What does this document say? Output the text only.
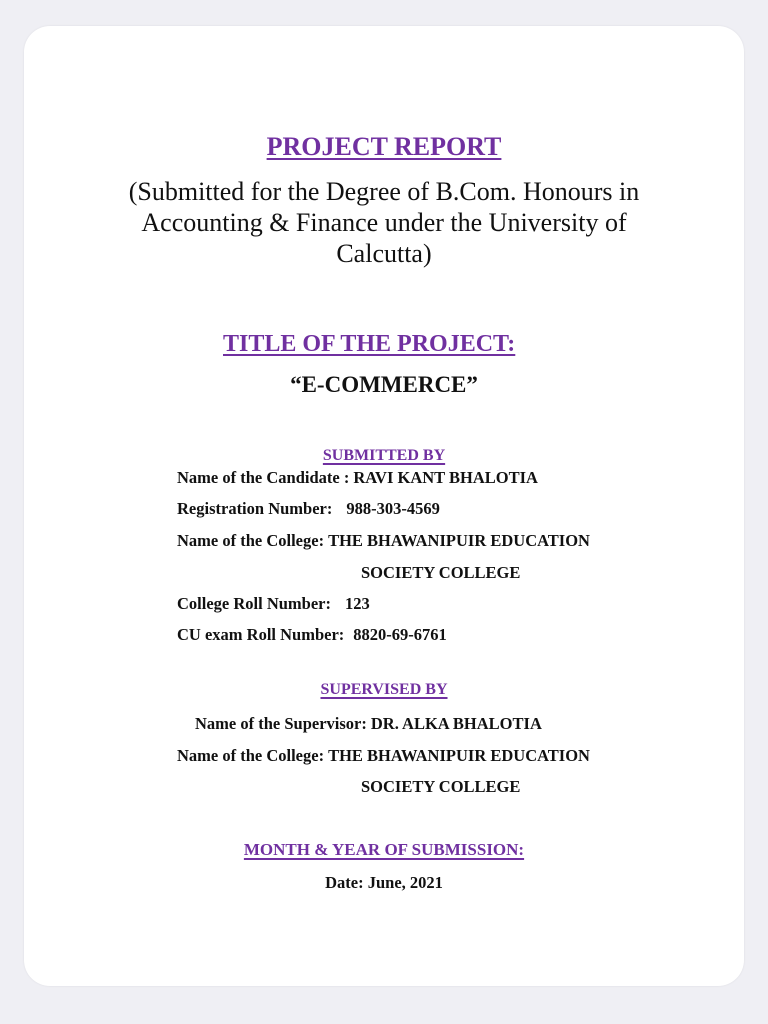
PROJECT REPORT
(Submitted for the Degree of B.Com. Honours in
Accounting & Finance under the University of
Calcutta)
TITLE OF THE PROJECT:
“E-COMMERCE”
SUBMITTED BY
Name of the Candidate : RAVI KANT BHALOTIA
Registration Number: 988-303-4569
Name of the College: THE BHAWANIPUIR EDUCATION
SOCIETY COLLEGE
College Roll Number: 123
CU exam Roll Number: 8820-69-6761
SUPERVISED BY
Name of the Supervisor: DR. ALKA BHALOTIA
Name of the College: THE BHAWANIPUIR EDUCATION
SOCIETY COLLEGE
MONTH & YEAR OF SUBMISSION:
Date: June, 2021
